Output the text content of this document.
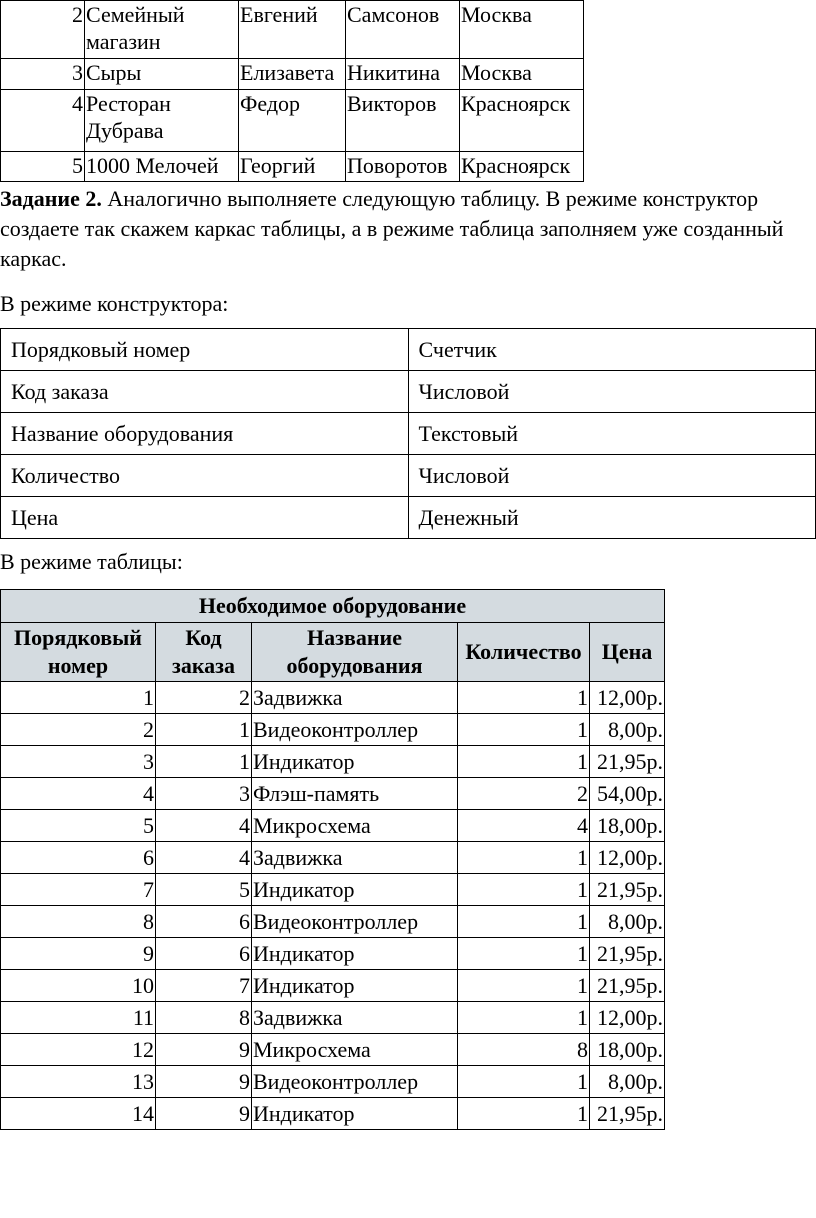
2	Семейный магазин	Евгений	Самсонов	Москва
3	Сыры	Елизавета	Никитина	Москва
4	Ресторан Дубрава	Федор	Викторов	Красноярск
5	1000 Мелочей	Георгий	Поворотов	Красноярск
Задание 2. Аналогично выполняете следующую таблицу. В режиме конструктор создаете так скажем каркас таблицы, а в режиме таблица заполняем уже созданный каркас.
В режиме конструктора:
Порядковый номер	Счетчик
Код заказа	Числовой
Название оборудования	Текстовый
Количество	Числовой
Цена	Денежный
В режиме таблицы:
Необходимое оборудование				
Порядковый номер	Код заказа	Название оборудования	Количество	Цена
1	2	Задвижка	1	12,00р.
2	1	Видеоконтроллер	1	8,00р.
3	1	Индикатор	1	21,95р.
4	3	Флэш-память	2	54,00р.
5	4	Микросхема	4	18,00р.
6	4	Задвижка	1	12,00р.
7	5	Индикатор	1	21,95р.
8	6	Видеоконтроллер	1	8,00р.
9	6	Индикатор	1	21,95р.
10	7	Индикатор	1	21,95р.
11	8	Задвижка	1	12,00р.
12	9	Микросхема	8	18,00р.
13	9	Видеоконтроллер	1	8,00р.
14	9	Индикатор	1	21,95р.
